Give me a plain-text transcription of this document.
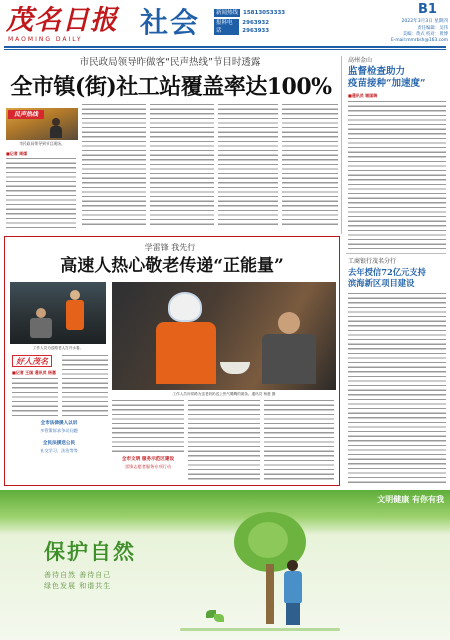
茂名日报
MAOMING DAILY
社会	新闻热线 15813053333
报料电话
2963932 2963933
B1
2022年3月3日 星期四
责任编辑：吴伟
美编：黄式 校对：黄博
E-mail:mmrbsh@163.com
市民政局领导昨做客“民声热线”节目时透露
全市镇(街)社工站覆盖率达100%
民声热线
市民政局领导到节目现场。
■记者 周煤
高州金山
监督检查助力
疫苗接种“加速度”
■通讯员 谢国瑞
学雷锋 我先行
高速人热心敬老传递“正能量”
工作人员为送路老人打开水看。
工作人员向常路为送老奶奶送上热气腾腾的面条。通讯员 杨惠 摄
好人茂名
■记者 王国 通讯员 杨惠
全市法律援人以诉
多管策诉求争议问题
全民法援送公民
社交学习、法治等等
全市文明 服务示范区建设
雷锋志愿者服务专项行动
工商银行茂名分行
去年授信72亿元支持
滨海新区项目建设
文明健康 有你有我
保护自然
善待自然 善待自己
绿色发展 和谐共生
